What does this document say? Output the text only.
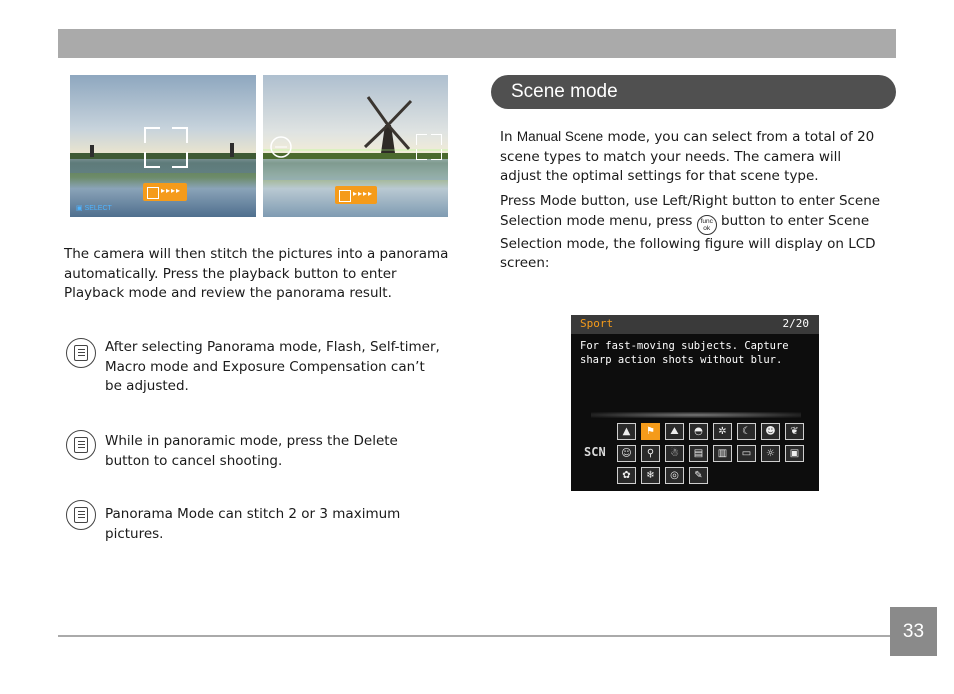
▸▸▸▸
▣ SELECT
▸▸▸▸

The camera will then stitch the pictures into a panorama automatically. Press the playback button to enter Playback mode and review the panorama result.

After selecting Panorama mode, Flash, Self-timer, Macro mode and Exposure Compensation can’t be adjusted.

While in panoramic mode, press the Delete button to cancel shooting.

Panorama Mode can stitch 2 or 3 maximum pictures.

Scene mode

In Manual Scene mode, you can select from a total of 20 scene types to match your needs. The camera will adjust the optimal settings for that scene type.

Press Mode button, use Left/Right button to enter Scene Selection mode menu, press func
ok button to enter Scene Selection mode, the following figure will display on LCD screen:

Sport	2/20
For fast-moving subjects. Capture sharp action shots without blur.
SCN
▲	⚑	⛰	◓	✲	☾	☻	❦
☺	⚲	☃	▤	▥	▭	☼	▣
✿	❄	◎	✎
33
